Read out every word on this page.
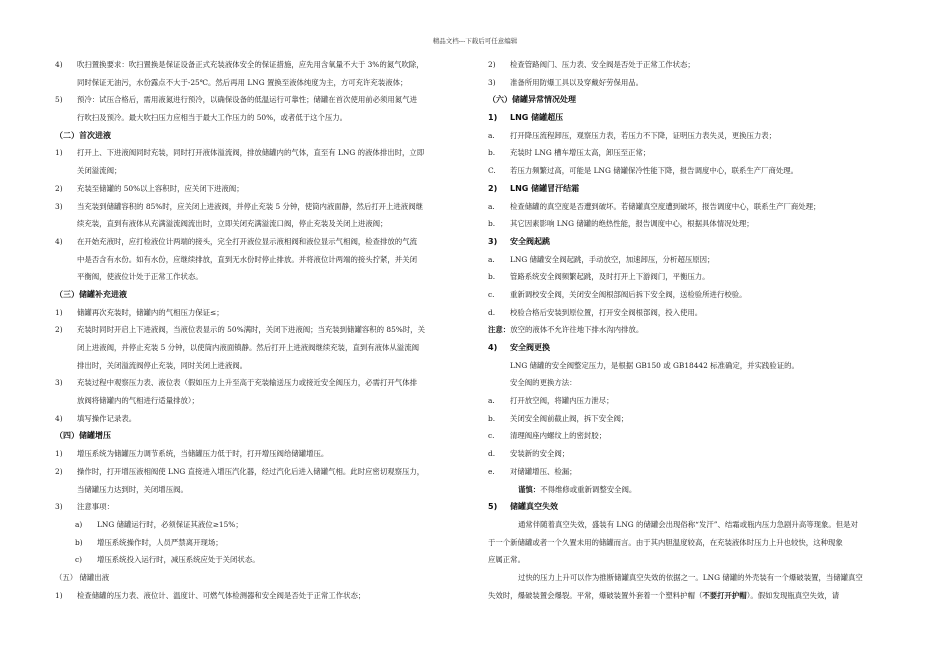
精品文档---下载后可任意编辑
4) 吹扫置换要求：吹扫置换是保证设备正式充装液体安全的保证措施，应先用含氧量不大于 3%的氮气吹除，
同时保证无油污，水份露点不大于-25℃。然后再用 LNG 置换至液体纯度为主，方可充许充装液体；
5) 预冷：试压合格后，需用液氮进行预冷，以确保设备的低温运行可靠性；储罐在首次使用前必须用氮气进
行吹扫及预冷。最大吹扫压力应相当于最大工作压力的 50%，或者低于这个压力。
（二）首次进液
1) 打开上、下进液阀同时充装，同时打开液体溢流阀，排放储罐内的气体，直至有 LNG 的液体排出时，立即
关闭溢流阀；
2) 充装至储罐的 50%以上容积时，应关闭下进液阀；
3) 当充装到储罐容积的 85%时，应关闭上进液阀，并停止充装 5 分钟，使筒内液面静，然后打开上进液阀继
续充装，直到有液体从充满溢流阀流出时，立即关闭充满溢流口阀，停止充装及关闭上进液阀；
4) 在开始充液时，应打检液位计两端的接头，完全打开液位显示液相阀和液位显示气相阀，检查排放的气流
中是否含有水份。如有水份，应继续排放，直到无水份时停止排放。并将液位计两端的接头拧紧，并关闭
平衡阀，使液位计处于正常工作状态。
（三）储罐补充进液
1) 储罐再次充装时，储罐内的气相压力保证≤；
2) 充装时同时开启上下进液阀，当液位表显示的 50%满时，关闭下进液阀；当充装到储罐容积的 85%时，关
闭上进液阀，并停止充装 5 分钟，以使筒内液面镇静。然后打开上进液阀继续充装，直到有液体从溢流阀
排出时，关闭溢流阀停止充装，同时关闭上进液阀。
3) 充装过程中观察压力表、液位表（假如压力上升至高于充装输送压力或接近安全阀压力，必需打开气体排
放阀将储罐内的气相进行适量排放）；
4) 填写操作记录表。
（四）储罐增压
1) 增压系统为储罐压力调节系统，当储罐压力低于时，打开增压阀给储罐增压。
2) 操作时，打开增压液相阀使 LNG 直接进入增压汽化器，经过汽化后进入储罐气相。此时应密切观察压力，
当储罐压力达到时，关闭增压阀。
3) 注意事项：
a) LNG 储罐运行时，必须保证其液位≥15%；
b) 增压系统操作时，人员严禁离开现场；
c) 增压系统投入运行时，减压系统应处于关闭状态。
（五） 储罐出液
1) 检查储罐的压力表、液位计、温度计、可燃气体检测器和安全阀是否处于正常工作状态；
2) 检查管路阀门、压力表、安全阀是否处于正常工作状态；
3) 准备所用防爆工具以及穿戴好劳保用品。
（六）储罐异常情况处理
1) LNG 储罐超压
a. 打开降压流程卸压，观察压力表，若压力不下降，证明压力表失灵，更换压力表；
b. 充装时 LNG 槽车增压太高，卸压至正常；
C. 若压力频繁过高，可能是 LNG 储罐保冷性能下降，报告调度中心，联系生产厂商处理。
2) LNG 储罐冒汗结霜
a. 检查储罐的真空度是否遭到破坏。若储罐真空度遭到破坏，报告调度中心，联系生产厂商处理；
b. 其它因素影响 LNG 储罐的绝热性能，报告调度中心，根据具体情况处理；
3) 安全阀起跳
a. LNG 储罐安全阀起跳，手动放空，加速卸压，分析超压原因；
b. 管路系统安全阀频繁起跳，及时打开上下游阀门，平衡压力。
c. 重新调校安全阀，关闭安全阀根部阀后拆下安全阀，送检验所进行校验。
d. 校验合格后安装到原位置，打开安全阀根部阀，投入使用。
注意：放空的液体不允许往地下排水沟内排放。
4) 安全阀更换
LNG 储罐的安全阀整定压力，是根据 GB150 或 GB18442 标准确定，并实践验证的。
安全阀的更换方法：
a. 打开放空阀，将罐内压力泄尽；
b. 关闭安全阀前截止阀，拆下安全阀；
c. 清理阀座内螺纹上的密封胶；
d. 安装新的安全阀；
e. 对储罐增压、检漏；
谨慎：不得维修或重新调整安全阀。
5) 储罐真空失效
通常伴随着真空失效，盛装有 LNG 的储罐会出现俗称“发汗”、结霜或瓶内压力急剧升高等现象。但是对
于一个新储罐或者一个久置未用的储罐而言。由于其内胆温度较高，在充装液体时压力上升也较快，这种现象
应属正常。
过快的压力上升可以作为推断储罐真空失效的依据之一。LNG 储罐的外壳装有一个爆破装置，当储罐真空
失效时，爆破装置会爆裂。平常，爆破装置外套着一个塑料护帽（不要打开护帽）。假如发现瓶真空失效，请
